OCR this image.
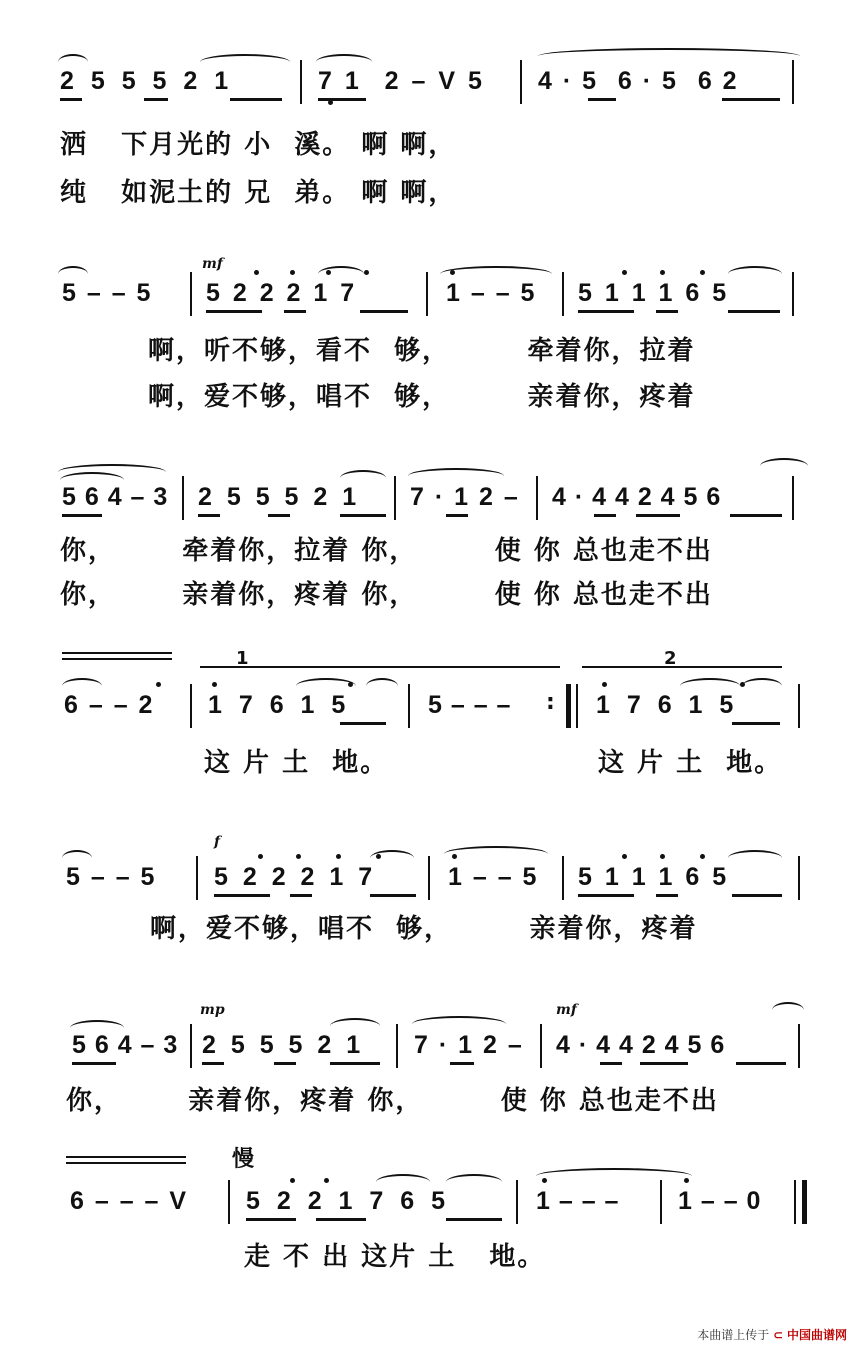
2 5 5 5 2 1	7 1  2 – V 5 4 · 5  6 · 5  6 2
洒   下月光的 小  溪。 啊 啊，
纯   如泥土的 兄  弟。 啊 啊，
mf
5 – – 5 5 2 2 2 1 7	1 – – 5 5 1 1 1 6 5
啊，听不够，看不  够，       牵着你，拉着
啊，爱不够，唱不  够，       亲着你，疼着
5 6 4 – 3 2 5 5 5 2 1 7 · 1 2 – 4 · 4 4 2 4 5 6
你，      牵着你，拉着 你，       使 你 总也走不出
你，      亲着你，疼着 你，       使 你 总也走不出
1	2
6 – – 2 1 7 6 1 5	5 – – – : 1 7 6 1 5
这 片 土  地。	这 片 土  地。
f
5 – – 5 5 2 2 2 1 7	1 – – 5 5 1 1 1 6 5
啊，爱不够，唱不  够，       亲着你，疼着
mp	mf
5 6 4 – 3 2 5 5 5 2 1 7 · 1 2 – 4 · 4 4 2 4 5 6
你，      亲着你，疼着 你，       使 你 总也走不出
慢
6 – – – V 5 2 2 1 7 6 5	1 – – – 1 – – 0
走 不 出 这片 土   地。
本曲谱上传于 ⊂ 中国曲谱网
